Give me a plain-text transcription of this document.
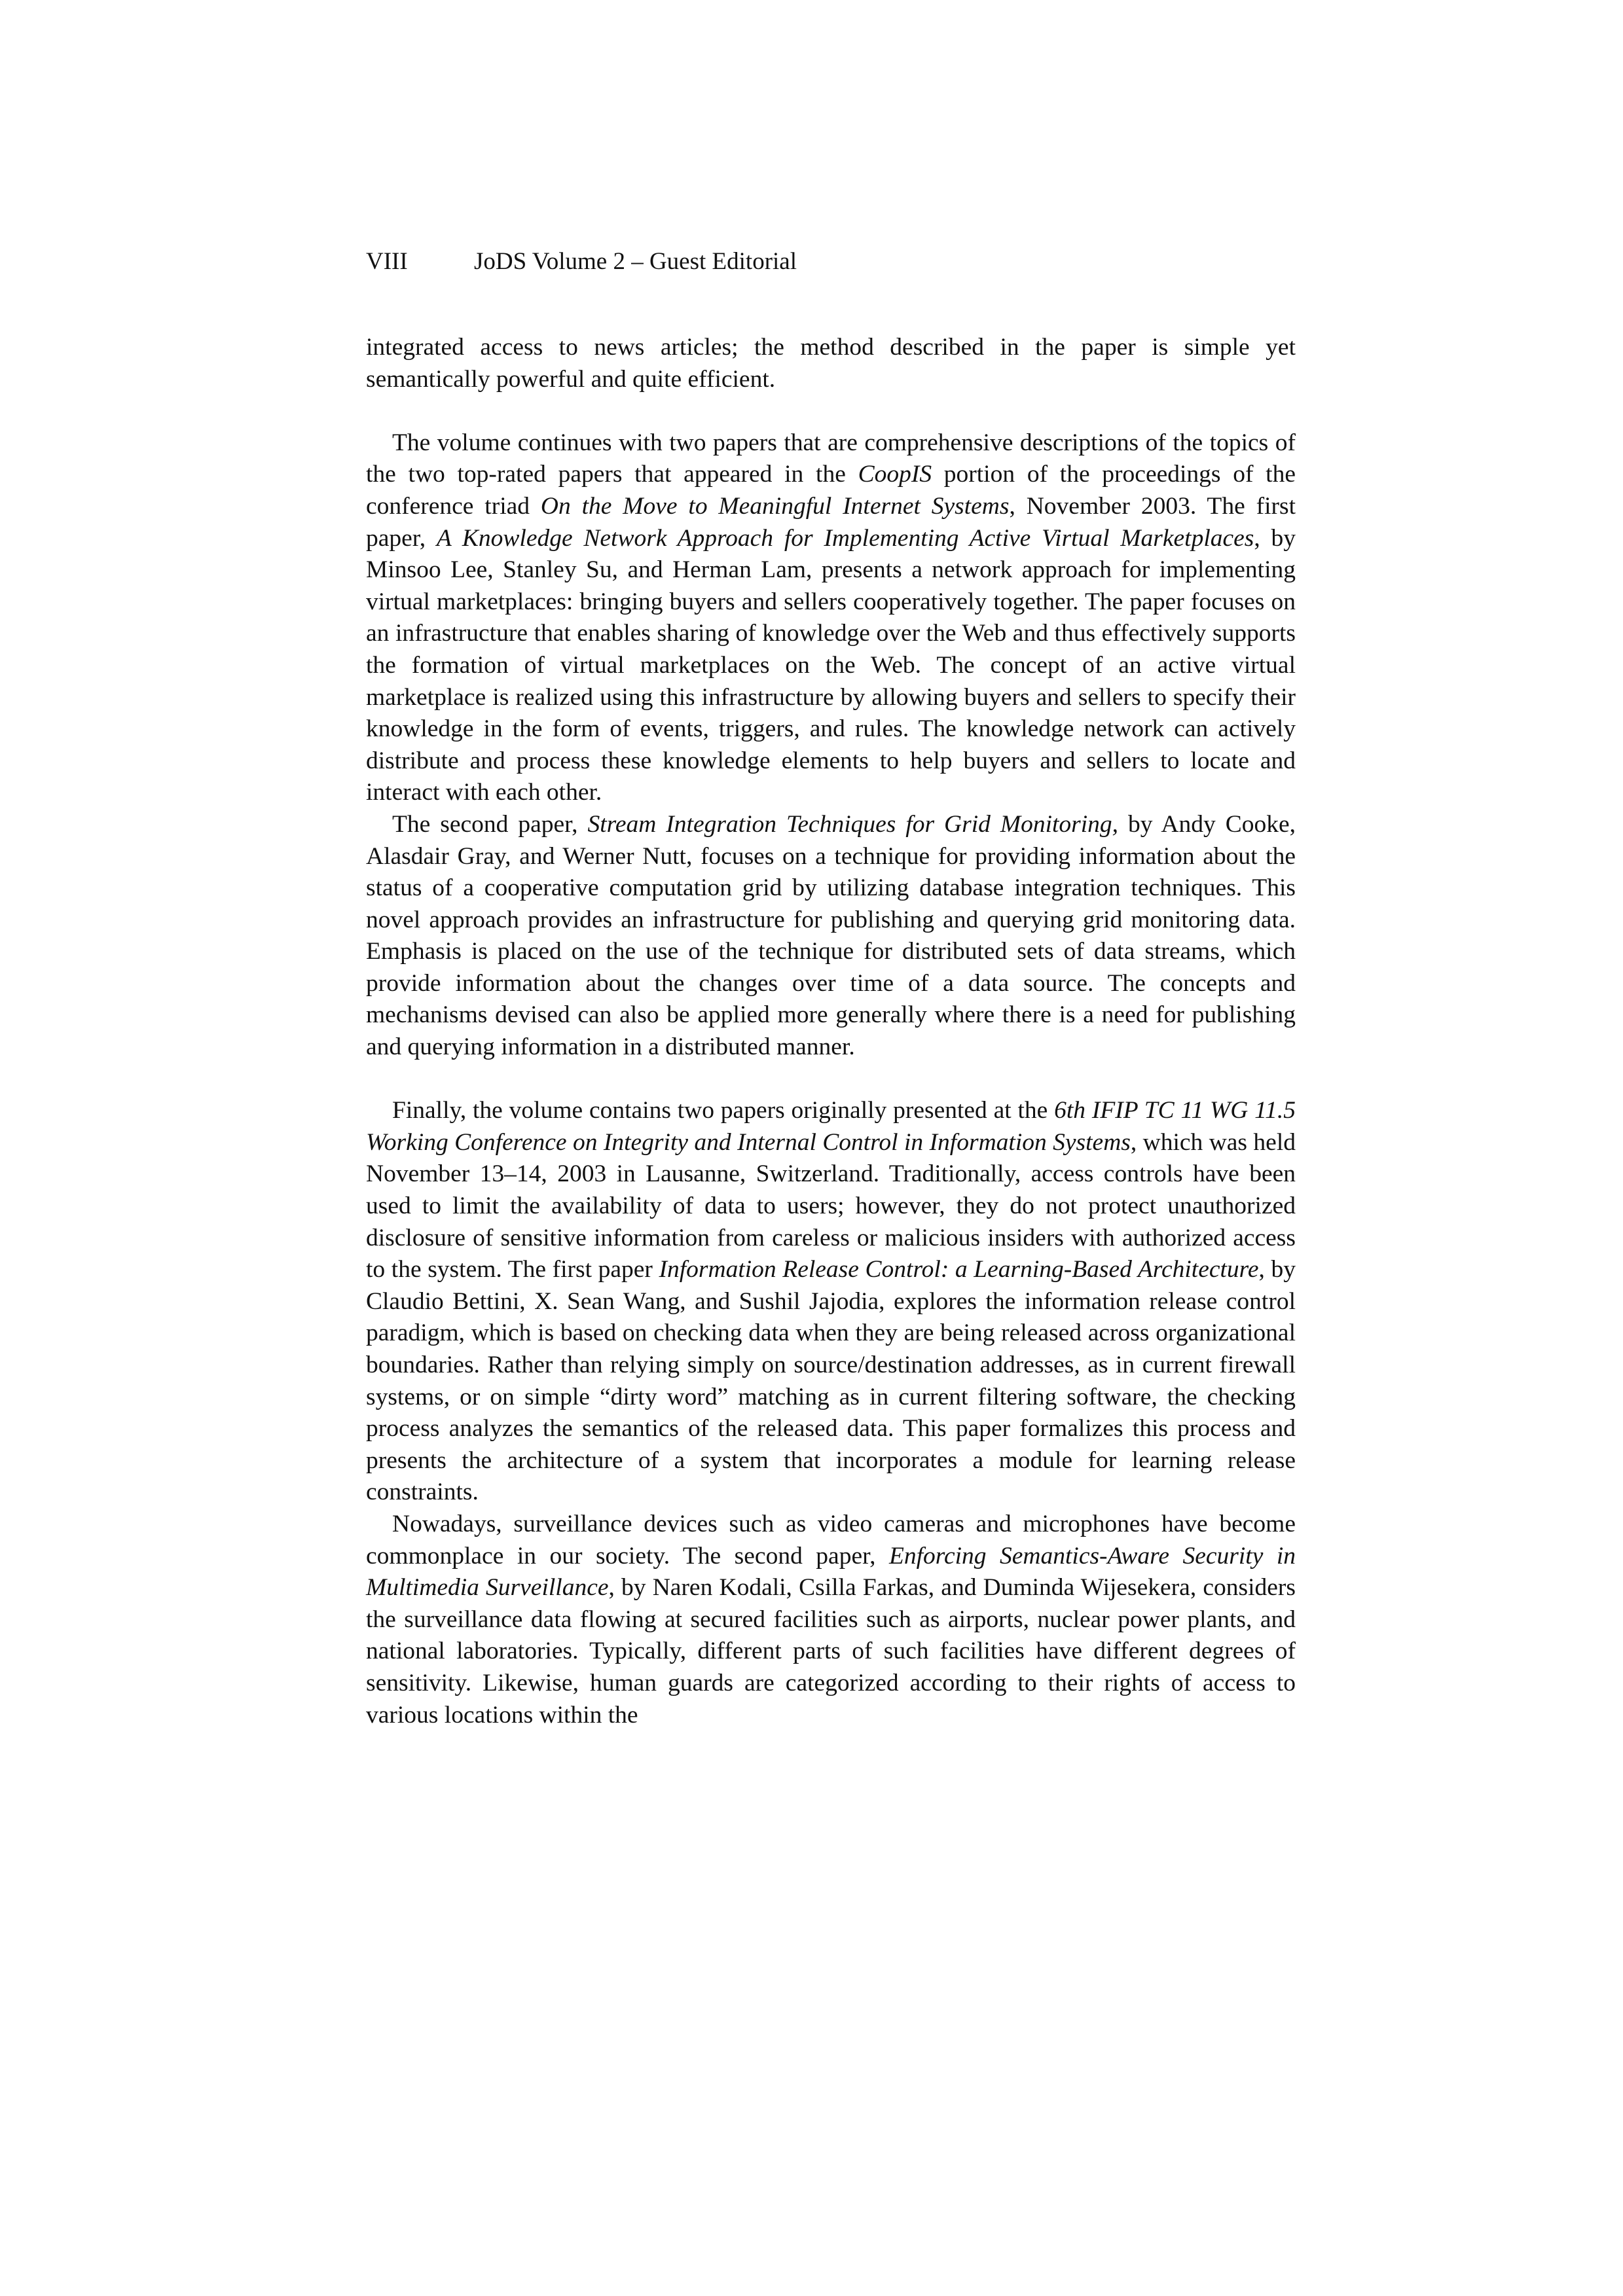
VIII	JoDS Volume 2 – Guest Editorial

integrated access to news articles; the method described in the paper is simple yet semantically powerful and quite efficient.

The volume continues with two papers that are comprehensive descriptions of the topics of the two top-rated papers that appeared in the CoopIS portion of the proceedings of the conference triad On the Move to Meaningful Internet Systems, November 2003. The first paper, A Knowledge Network Approach for Implementing Active Virtual Marketplaces, by Minsoo Lee, Stanley Su, and Herman Lam, presents a network approach for implementing virtual marketplaces: bringing buyers and sellers cooperatively together. The paper focuses on an infrastructure that enables sharing of knowledge over the Web and thus effectively supports the formation of virtual marketplaces on the Web. The concept of an active virtual marketplace is realized using this infrastructure by allowing buyers and sellers to specify their knowledge in the form of events, triggers, and rules. The knowledge network can actively distribute and process these knowledge elements to help buyers and sellers to locate and interact with each other.

The second paper, Stream Integration Techniques for Grid Monitoring, by Andy Cooke, Alasdair Gray, and Werner Nutt, focuses on a technique for providing information about the status of a cooperative computation grid by utilizing database integration techniques. This novel approach provides an infrastructure for publishing and querying grid monitoring data. Emphasis is placed on the use of the technique for distributed sets of data streams, which provide information about the changes over time of a data source. The concepts and mechanisms devised can also be applied more generally where there is a need for publishing and querying information in a distributed manner.

Finally, the volume contains two papers originally presented at the 6th IFIP TC 11 WG 11.5 Working Conference on Integrity and Internal Control in Information Systems, which was held November 13–14, 2003 in Lausanne, Switzerland. Traditionally, access controls have been used to limit the availability of data to users; however, they do not protect unauthorized disclosure of sensitive information from careless or malicious insiders with authorized access to the system. The first paper Information Release Control: a Learning-Based Architecture, by Claudio Bettini, X. Sean Wang, and Sushil Jajodia, explores the information release control paradigm, which is based on checking data when they are being released across organizational boundaries. Rather than relying simply on source/destination addresses, as in current firewall systems, or on simple “dirty word” matching as in current filtering software, the checking process analyzes the semantics of the released data. This paper formalizes this process and presents the architecture of a system that incorporates a module for learning release constraints.

Nowadays, surveillance devices such as video cameras and microphones have become commonplace in our society. The second paper, Enforcing Semantics-Aware Security in Multimedia Surveillance, by Naren Kodali, Csilla Farkas, and Duminda Wijesekera, considers the surveillance data flowing at secured facilities such as airports, nuclear power plants, and national laboratories. Typically, different parts of such facilities have different degrees of sensitivity. Likewise, human guards are categorized according to their rights of access to various locations within the
